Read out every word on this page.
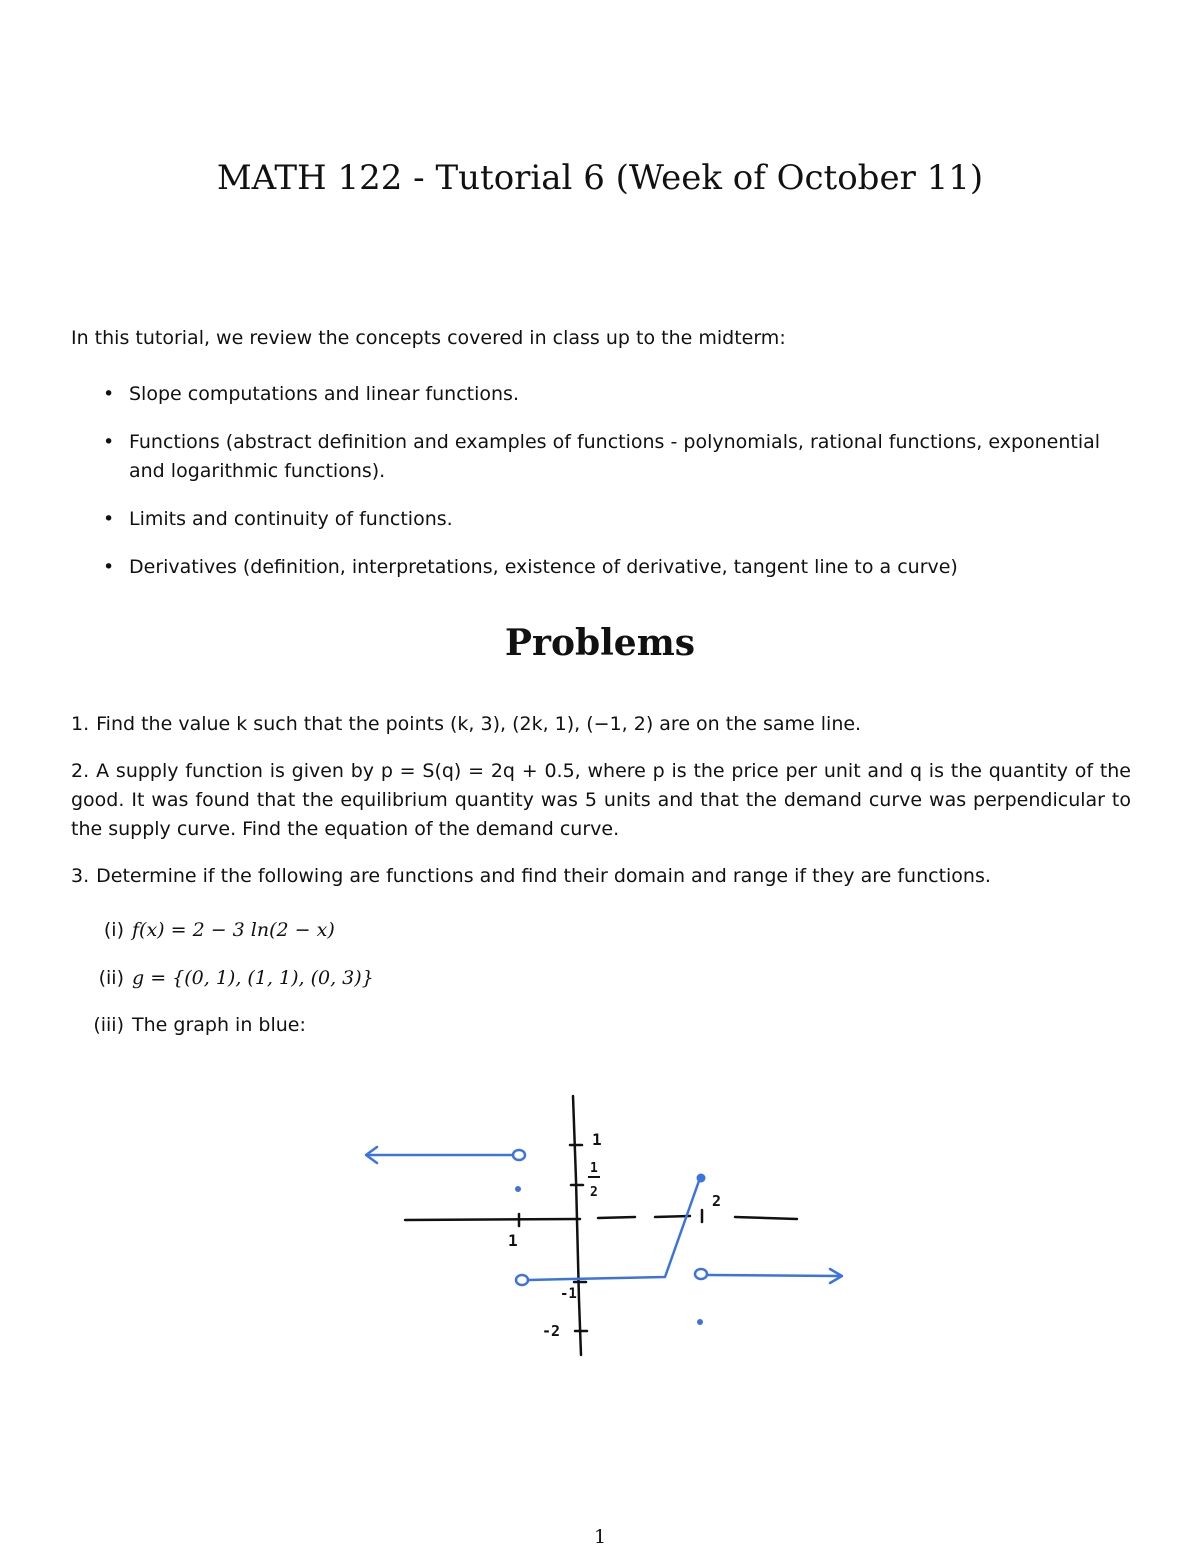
MATH 122 - Tutorial 6 (Week of October 11)

In this tutorial, we review the concepts covered in class up to the midterm:

• Slope computations and linear functions.
• Functions (abstract definition and examples of functions - polynomials, rational functions, exponential and logarithmic functions).
• Limits and continuity of functions.
• Derivatives (definition, interpretations, existence of derivative, tangent line to a curve)
Problems

1. Find the value k such that the points (k, 3), (2k, 1), (−1, 2) are on the same line.

2. A supply function is given by p = S(q) = 2q + 0.5, where p is the price per unit and q is the quantity of the good. It was found that the equilibrium quantity was 5 units and that the demand curve was perpendicular to the supply curve. Find the equation of the demand curve.

3. Determine if the following are functions and find their domain and range if they are functions.

(i) f(x) = 2 − 3 ln(2 − x)

(ii) g = {(0, 1), (1, 1), (0, 3)}

(iii) The graph in blue:

1
1
2	2
1
-1
-2
1
